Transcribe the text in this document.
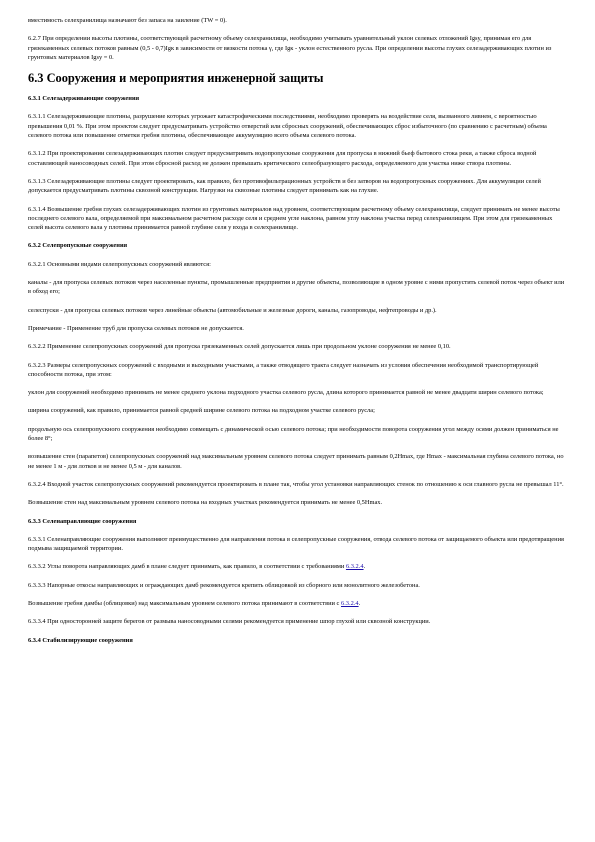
вместимость селехранилища назначают без запаса на заиление (ТW = 0).

6.2.7 При определении высоты плотины, соответствующей расчетному объему селехранилища, необходимо учитывать уравнительный уклон селевых отложений Igsy, принимая его для грязекаменных селевых потоков равным (0,5 - 0,7)Igк в зависимости от вязкости потока γ, где Igк - уклон естественного русла. При определении высоты глухих селезадерживающих плотин из грунтовых материалов Igsy = 0.

6.3 Сооружения и мероприятия инженерной защиты

6.3.1 Селезадерживающие сооружения

6.3.1.1 Селезадерживающие плотины, разрушение которых угрожает катастрофическими последствиями, необходимо проверять на воздействие селя, вызванного ливнем, с вероятностью превышения 0,01 %. При этом проектом следует предусматривать устройство отверстий или сбросных сооружений, обеспечивающих сброс избыточного (по сравнению с расчетным) объема селевого потока или повышение отметки гребня плотины, обеспечивающее аккумуляцию всего объема селевого потока.

6.3.1.2 При проектировании селезадерживающих плотин следует предусматривать водопропускные сооружения для пропуска в нижний бьеф бытового стока реки, а также сброса водной составляющей наносоводных селей. При этом сбросной расход не должен превышать критического селеобразующего расхода, определяемого для участка ниже створа плотины.

6.3.1.3 Селезадерживающие плотины следует проектировать, как правило, без противофильтрационных устройств и без затворов на водопропускных сооружениях. Для аккумуляции селей допускается предусматривать плотины сквозной конструкции. Нагрузки на сквозные плотины следует принимать как на глухие.

6.3.1.4 Возвышение гребня глухих селезадерживающих плотин из грунтовых материалов над уровнем, соответствующим расчетному объему селехранилища, следует принимать не менее высоты последнего селевого вала, определяемой при максимальном расчетном расходе селя и среднем угле наклона, равном углу наклона участка перед селехранилищем. При этом для грязекаменных селей высота селевого вала у плотины принимается равной глубине селя у входа в селехранилище.

6.3.2 Селепропускные сооружения

6.3.2.1 Основными видами селепропускных сооружений являются:

каналы - для пропуска селевых потоков через населенные пункты, промышленные предприятия и другие объекты, позволяющие в одном уровне с ними пропустить селевой поток через объект или в обход его;

селеспуски - для пропуска селевых потоков через линейные объекты (автомобильные и железные дороги, каналы, газопроводы, нефтепроводы и др.).

Примечание - Применение труб для пропуска селевых потоков не допускается.

6.3.2.2 Применение селепропускных сооружений для пропуска грязекаменных селей допускается лишь при продольном уклоне сооружения не менее 0,10.

6.3.2.3 Размеры селепропускных сооружений с входными и выходными участками, а также отводящего тракта следует назначать из условия обеспечения необходимой транспортирующей способности потока, при этом:

уклон для сооружений необходимо принимать не менее среднего уклона подходного участка селевого русла, длина которого принимается равной не менее двадцати ширин селевого потока;

ширина сооружений, как правило, принимается равной средней ширине селевого потока на подходном участке селевого русла;

продольную ось селепропускного сооружения необходимо совмещать с динамической осью селевого потока; при необходимости поворота сооружения угол между осями должен приниматься не более 8°;

возвышение стен (парапетов) селепропускных сооружений над максимальным уровнем селевого потока следует принимать равным 0,2Hmax, где Hmax - максимальная глубина селевого потока, но не менее 1 м - для лотков и не менее 0,5 м - для каналов.

6.3.2.4 Входной участок селепропускных сооружений рекомендуется проектировать в плане так, чтобы угол установки направляющих стенок по отношению к оси главного русла не превышал 11°.

Возвышение стен над максимальным уровнем селевого потока на входных участках рекомендуется принимать не менее 0,5Hmax.

6.3.3 Селенаправляющие сооружения

6.3.3.1 Селенаправляющие сооружения выполняют преимущественно для направления потока в селепропускные сооружения, отвода селевого потока от защищаемого объекта или предотвращения подмыва защищаемой территории.

6.3.3.2 Углы поворота направляющих дамб в плане следует принимать, как правило, в соответствии с требованиями 6.3.2.4.

6.3.3.3 Напорные откосы направляющих и ограждающих дамб рекомендуется крепить облицовкой из сборного или монолитного железобетона.

Возвышение гребня дамбы (облицовки) над максимальным уровнем селевого потока принимают в соответствии с 6.3.2.4.

6.3.3.4 При односторонней защите берегов от размыва наносоводными селями рекомендуется применение шпор глухой или сквозной конструкции.

6.3.4 Стабилизирующие сооружения
